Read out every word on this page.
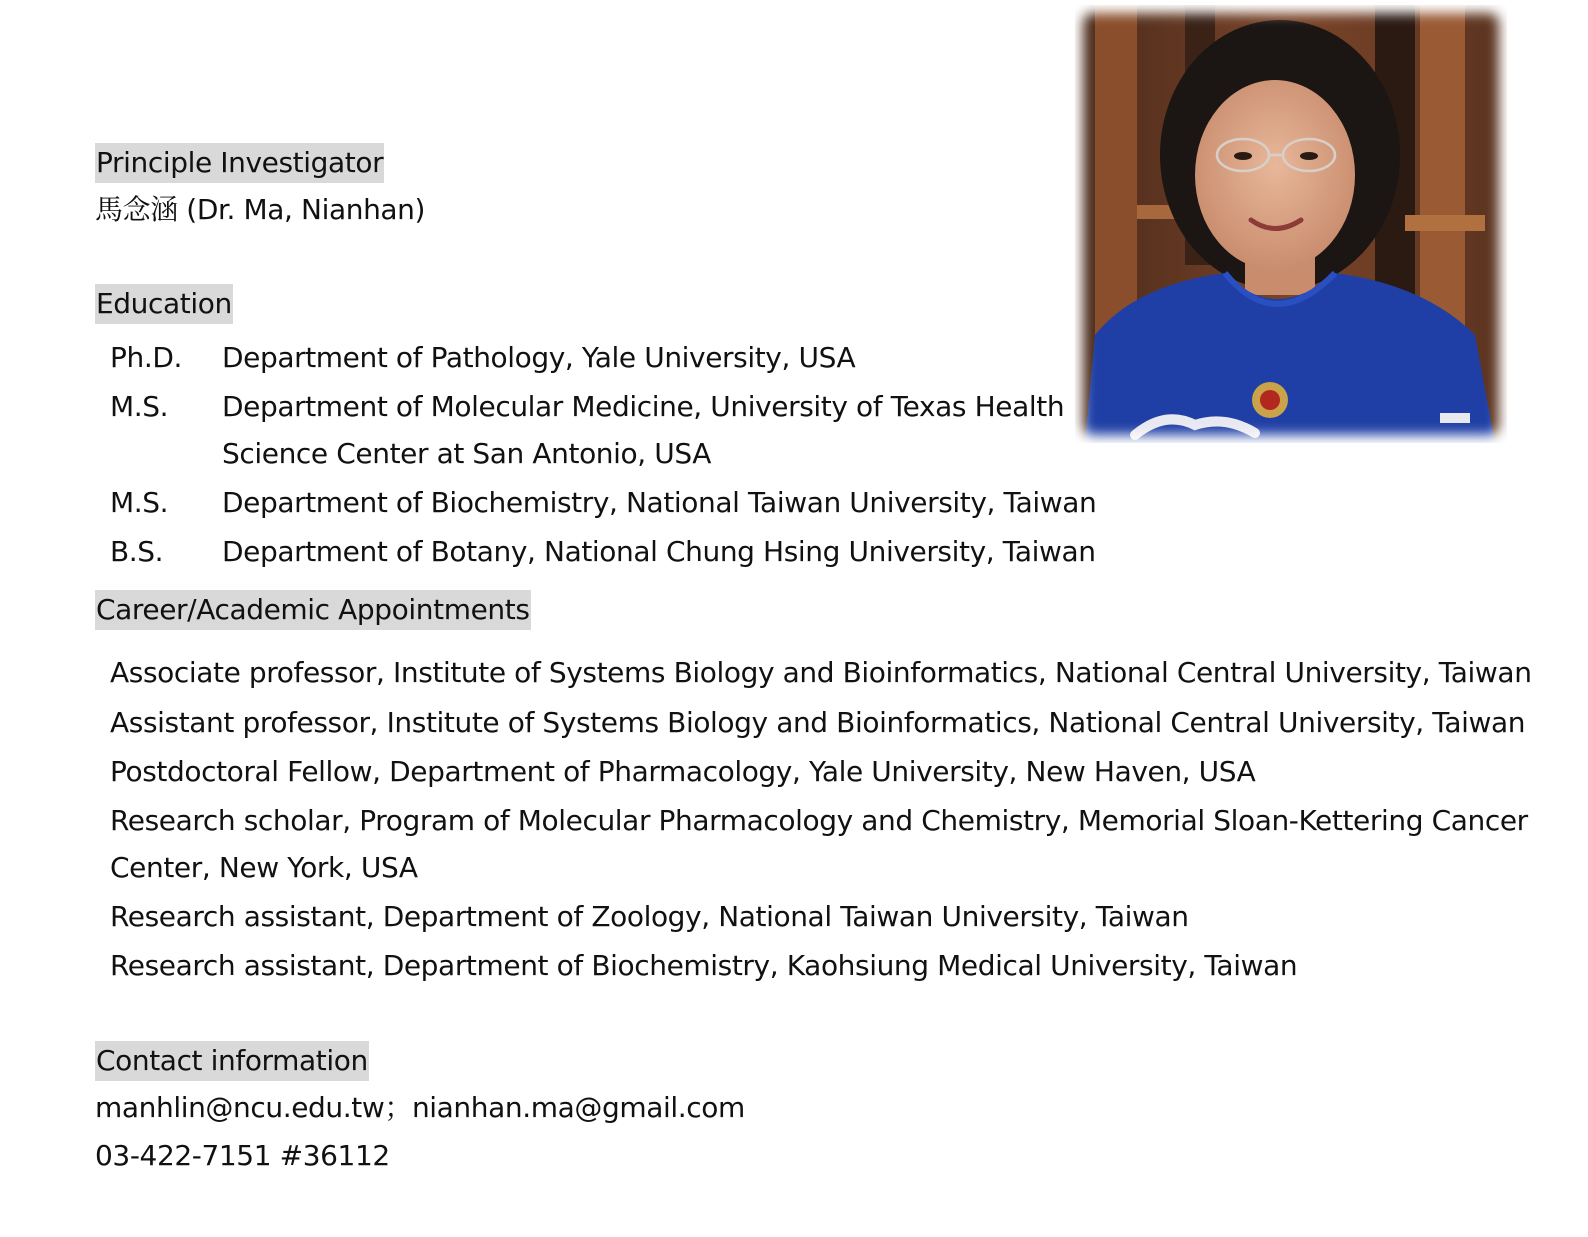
Principle Investigator
馬念涵 (Dr. Ma, Nianhan)
Education
Ph.D. Department of Pathology, Yale University, USA
M.S. Department of Molecular Medicine, University of Texas Health
Science Center at San Antonio, USA
M.S. Department of Biochemistry, National Taiwan University, Taiwan
B.S. Department of Botany, National Chung Hsing University, Taiwan
Career/Academic Appointments
Associate professor, Institute of Systems Biology and Bioinformatics, National Central University, Taiwan
Assistant professor, Institute of Systems Biology and Bioinformatics, National Central University, Taiwan
Postdoctoral Fellow, Department of Pharmacology, Yale University, New Haven, USA
Research scholar, Program of Molecular Pharmacology and Chemistry, Memorial Sloan-Kettering Cancer
Center, New York, USA
Research assistant, Department of Zoology, National Taiwan University, Taiwan
Research assistant, Department of Biochemistry, Kaohsiung Medical University, Taiwan
Contact information
manhlin@ncu.edu.tw；nianhan.ma@gmail.com
03-422-7151 #36112
